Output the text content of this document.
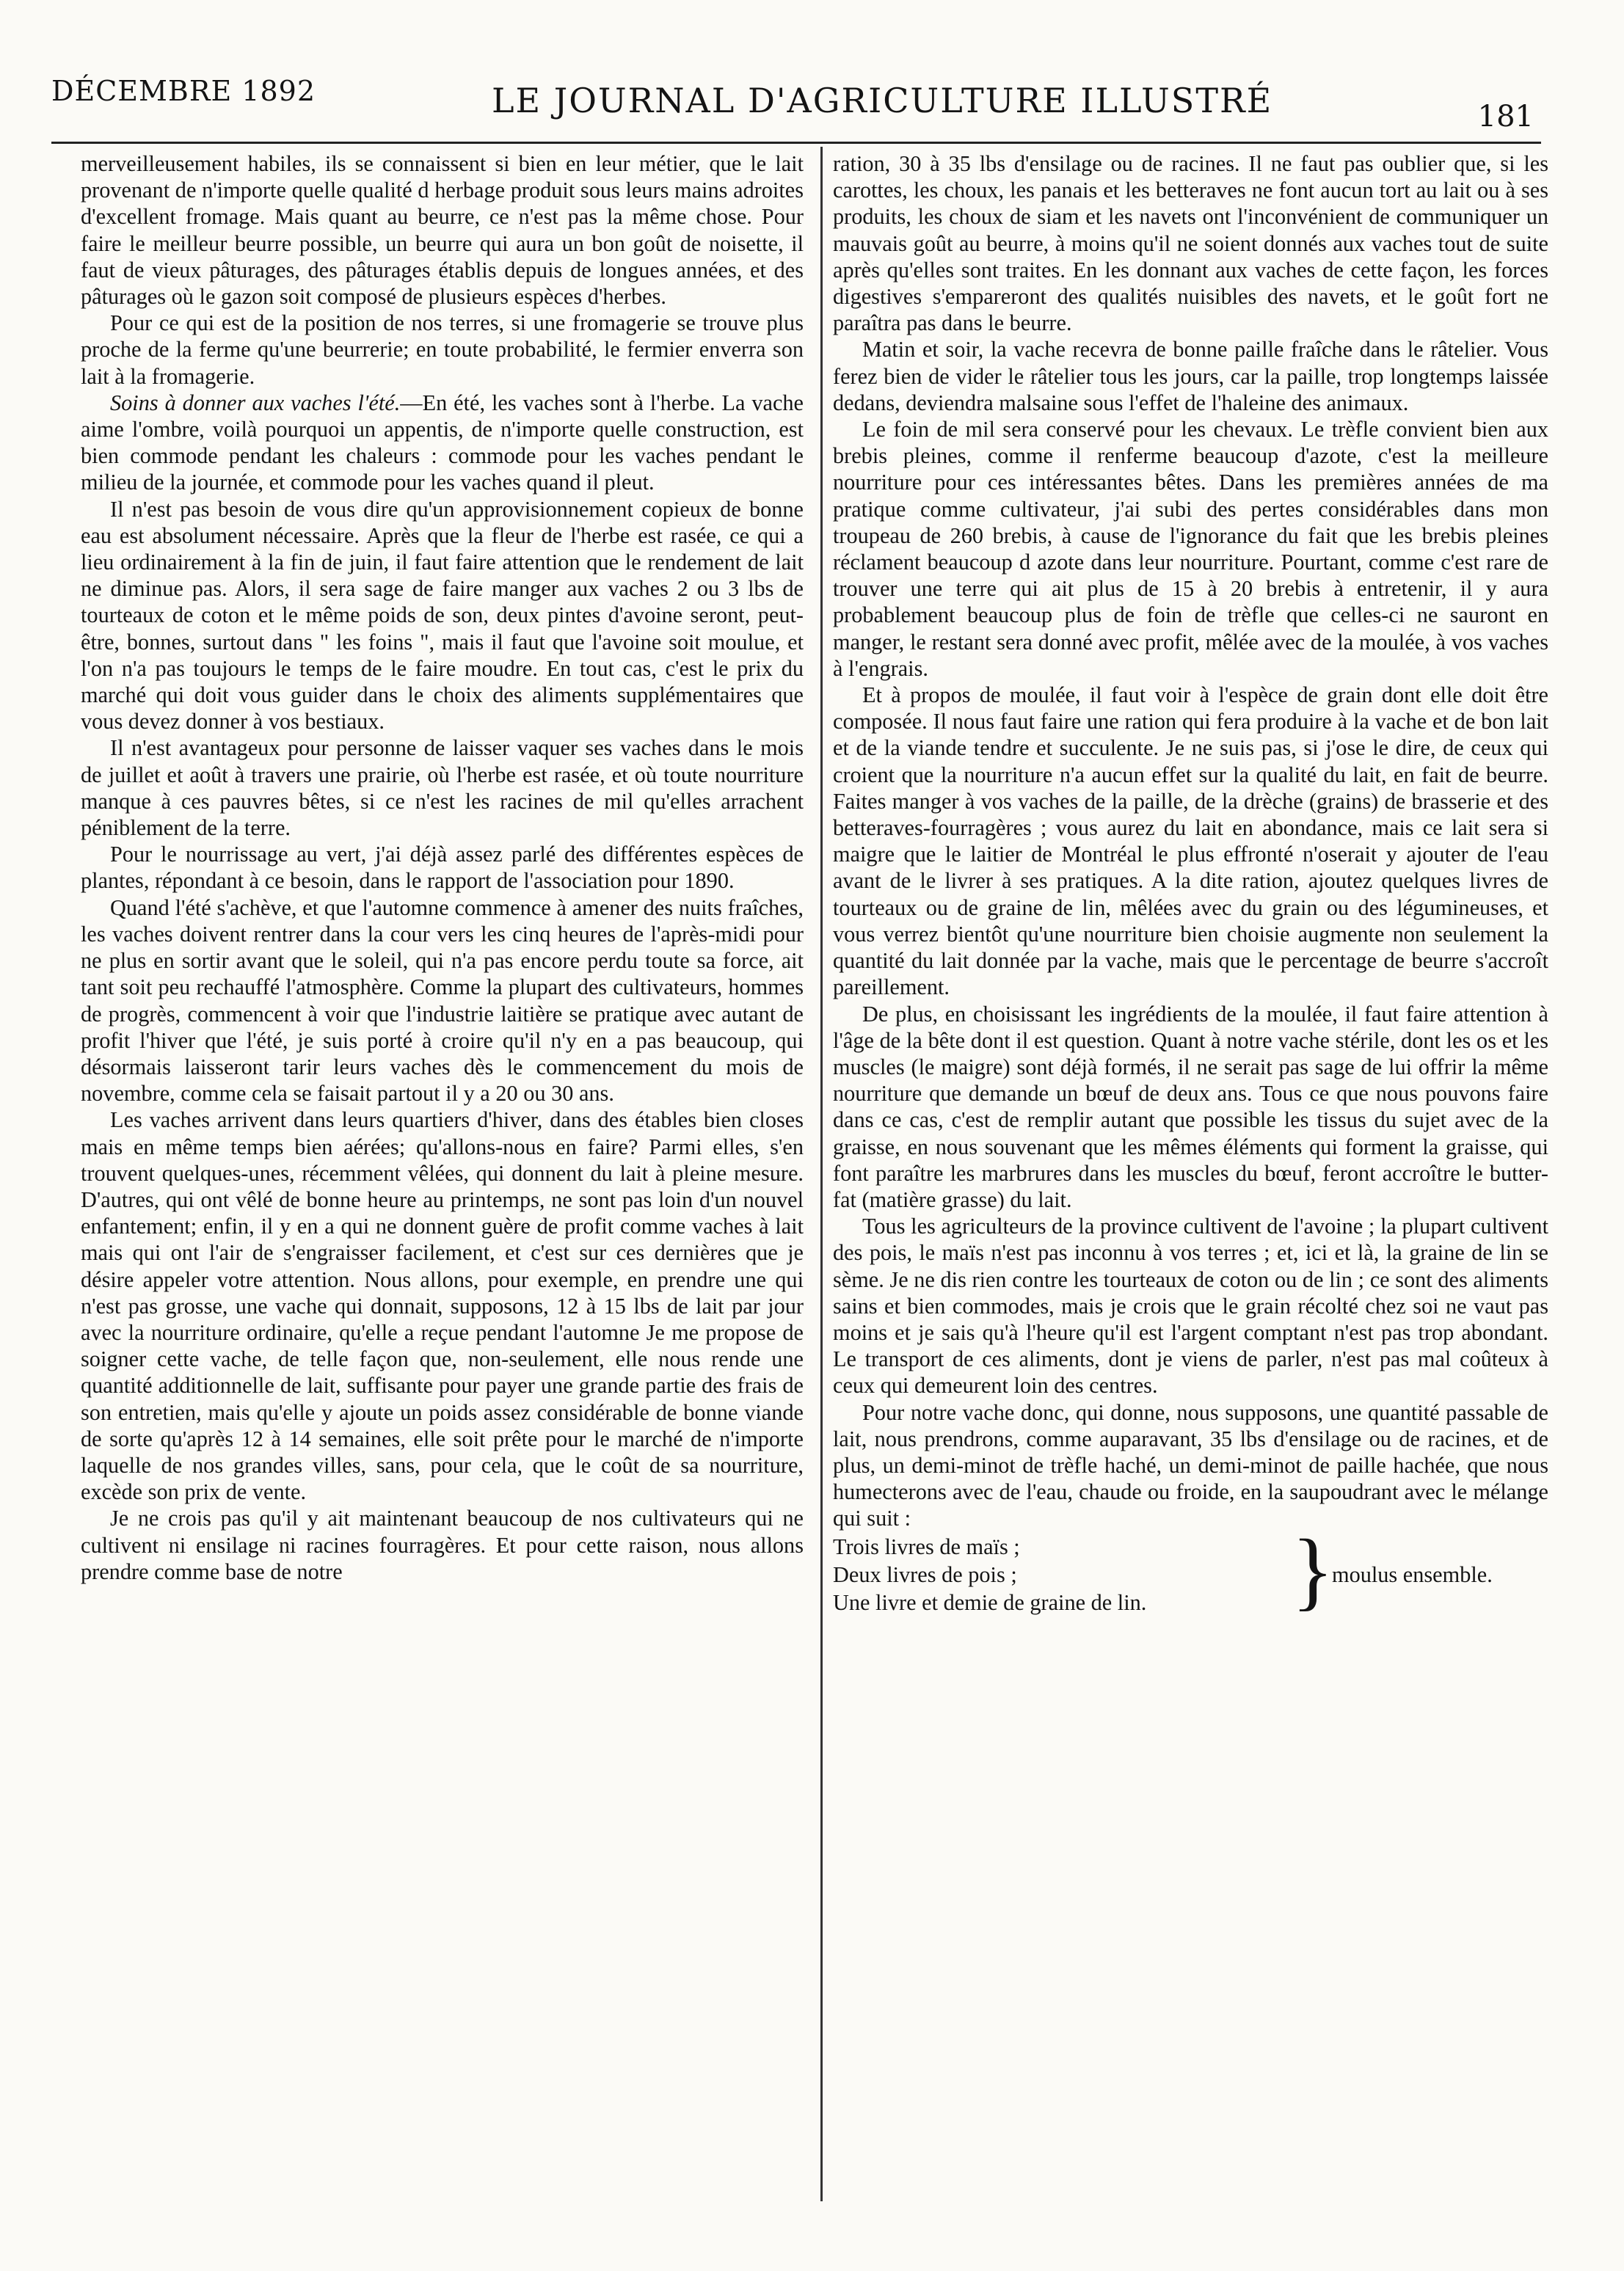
DÉCEMBRE 1892	LE JOURNAL D'AGRICULTURE ILLUSTRÉ	181

merveilleusement habiles, ils se connaissent si bien en leur métier, que le lait provenant de n'importe quelle qualité d herbage produit sous leurs mains adroites d'excellent fromage. Mais quant au beurre, ce n'est pas la même chose. Pour faire le meilleur beurre possible, un beurre qui aura un bon goût de noisette, il faut de vieux pâturages, des pâturages établis depuis de longues années, et des pâturages où le gazon soit composé de plusieurs espèces d'herbes.

Pour ce qui est de la position de nos terres, si une fromagerie se trouve plus proche de la ferme qu'une beurrerie; en toute probabilité, le fermier enverra son lait à la fromagerie.

Soins à donner aux vaches l'été.—En été, les vaches sont à l'herbe. La vache aime l'ombre, voilà pourquoi un appentis, de n'importe quelle construction, est bien commode pendant les chaleurs : commode pour les vaches pendant le milieu de la journée, et commode pour les vaches quand il pleut.

Il n'est pas besoin de vous dire qu'un approvisionnement copieux de bonne eau est absolument nécessaire. Après que la fleur de l'herbe est rasée, ce qui a lieu ordinairement à la fin de juin, il faut faire attention que le rendement de lait ne diminue pas. Alors, il sera sage de faire manger aux vaches 2 ou 3 lbs de tourteaux de coton et le même poids de son, deux pintes d'avoine seront, peut-être, bonnes, surtout dans " les foins ", mais il faut que l'avoine soit moulue, et l'on n'a pas toujours le temps de le faire moudre. En tout cas, c'est le prix du marché qui doit vous guider dans le choix des aliments supplémentaires que vous devez donner à vos bestiaux.

Il n'est avantageux pour personne de laisser vaquer ses vaches dans le mois de juillet et août à travers une prairie, où l'herbe est rasée, et où toute nourriture manque à ces pauvres bêtes, si ce n'est les racines de mil qu'elles arrachent péniblement de la terre.

Pour le nourrissage au vert, j'ai déjà assez parlé des différentes espèces de plantes, répondant à ce besoin, dans le rapport de l'association pour 1890.

Quand l'été s'achève, et que l'automne commence à amener des nuits fraîches, les vaches doivent rentrer dans la cour vers les cinq heures de l'après-midi pour ne plus en sortir avant que le soleil, qui n'a pas encore perdu toute sa force, ait tant soit peu rechauffé l'atmosphère. Comme la plupart des cultivateurs, hommes de progrès, commencent à voir que l'industrie laitière se pratique avec autant de profit l'hiver que l'été, je suis porté à croire qu'il n'y en a pas beaucoup, qui désormais laisseront tarir leurs vaches dès le commencement du mois de novembre, comme cela se faisait partout il y a 20 ou 30 ans.

Les vaches arrivent dans leurs quartiers d'hiver, dans des étables bien closes mais en même temps bien aérées; qu'allons-nous en faire? Parmi elles, s'en trouvent quelques-unes, récemment vêlées, qui donnent du lait à pleine mesure. D'autres, qui ont vêlé de bonne heure au printemps, ne sont pas loin d'un nouvel enfantement; enfin, il y en a qui ne donnent guère de profit comme vaches à lait mais qui ont l'air de s'engraisser facilement, et c'est sur ces dernières que je désire appeler votre attention. Nous allons, pour exemple, en prendre une qui n'est pas grosse, une vache qui donnait, supposons, 12 à 15 lbs de lait par jour avec la nourriture ordinaire, qu'elle a reçue pendant l'automne Je me propose de soigner cette vache, de telle façon que, non-seulement, elle nous rende une quantité additionnelle de lait, suffisante pour payer une grande partie des frais de son entretien, mais qu'elle y ajoute un poids assez considérable de bonne viande de sorte qu'après 12 à 14 semaines, elle soit prête pour le marché de n'importe laquelle de nos grandes villes, sans, pour cela, que le coût de sa nourriture, excède son prix de vente.

Je ne crois pas qu'il y ait maintenant beaucoup de nos cultivateurs qui ne cultivent ni ensilage ni racines fourragères. Et pour cette raison, nous allons prendre comme base de notre

ration, 30 à 35 lbs d'ensilage ou de racines. Il ne faut pas oublier que, si les carottes, les choux, les panais et les betteraves ne font aucun tort au lait ou à ses produits, les choux de siam et les navets ont l'inconvénient de communiquer un mauvais goût au beurre, à moins qu'il ne soient donnés aux vaches tout de suite après qu'elles sont traites. En les donnant aux vaches de cette façon, les forces digestives s'empareront des qualités nuisibles des navets, et le goût fort ne paraîtra pas dans le beurre.

Matin et soir, la vache recevra de bonne paille fraîche dans le râtelier. Vous ferez bien de vider le râtelier tous les jours, car la paille, trop longtemps laissée dedans, deviendra malsaine sous l'effet de l'haleine des animaux.

Le foin de mil sera conservé pour les chevaux. Le trèfle convient bien aux brebis pleines, comme il renferme beaucoup d'azote, c'est la meilleure nourriture pour ces intéressantes bêtes. Dans les premières années de ma pratique comme cultivateur, j'ai subi des pertes considérables dans mon troupeau de 260 brebis, à cause de l'ignorance du fait que les brebis pleines réclament beaucoup d azote dans leur nourriture. Pourtant, comme c'est rare de trouver une terre qui ait plus de 15 à 20 brebis à entretenir, il y aura probablement beaucoup plus de foin de trèfle que celles-ci ne sauront en manger, le restant sera donné avec profit, mêlée avec de la moulée, à vos vaches à l'engrais.

Et à propos de moulée, il faut voir à l'espèce de grain dont elle doit être composée. Il nous faut faire une ration qui fera produire à la vache et de bon lait et de la viande tendre et succulente. Je ne suis pas, si j'ose le dire, de ceux qui croient que la nourriture n'a aucun effet sur la qualité du lait, en fait de beurre. Faites manger à vos vaches de la paille, de la drèche (grains) de brasserie et des betteraves-fourragères ; vous aurez du lait en abondance, mais ce lait sera si maigre que le laitier de Montréal le plus effronté n'oserait y ajouter de l'eau avant de le livrer à ses pratiques. A la dite ration, ajoutez quelques livres de tourteaux ou de graine de lin, mêlées avec du grain ou des légumineuses, et vous verrez bientôt qu'une nourriture bien choisie augmente non seulement la quantité du lait donnée par la vache, mais que le percentage de beurre s'accroît pareillement.

De plus, en choisissant les ingrédients de la moulée, il faut faire attention à l'âge de la bête dont il est question. Quant à notre vache stérile, dont les os et les muscles (le maigre) sont déjà formés, il ne serait pas sage de lui offrir la même nourriture que demande un bœuf de deux ans. Tous ce que nous pouvons faire dans ce cas, c'est de remplir autant que possible les tissus du sujet avec de la graisse, en nous souvenant que les mêmes éléments qui forment la graisse, qui font paraître les marbrures dans les muscles du bœuf, feront accroître le butter-fat (matière grasse) du lait.

Tous les agriculteurs de la province cultivent de l'avoine ; la plupart cultivent des pois, le maïs n'est pas inconnu à vos terres ; et, ici et là, la graine de lin se sème. Je ne dis rien contre les tourteaux de coton ou de lin ; ce sont des aliments sains et bien commodes, mais je crois que le grain récolté chez soi ne vaut pas moins et je sais qu'à l'heure qu'il est l'argent comptant n'est pas trop abondant. Le transport de ces aliments, dont je viens de parler, n'est pas mal coûteux à ceux qui demeurent loin des centres.

Pour notre vache donc, qui donne, nous supposons, une quantité passable de lait, nous prendrons, comme auparavant, 35 lbs d'ensilage ou de racines, et de plus, un demi-minot de trèfle haché, un demi-minot de paille hachée, que nous humecterons avec de l'eau, chaude ou froide, en la saupoudrant avec le mélange qui suit :

Trois livres de maïs ;
Deux livres de pois ;
Une livre et demie de graine de lin.	}
moulus ensemble.
